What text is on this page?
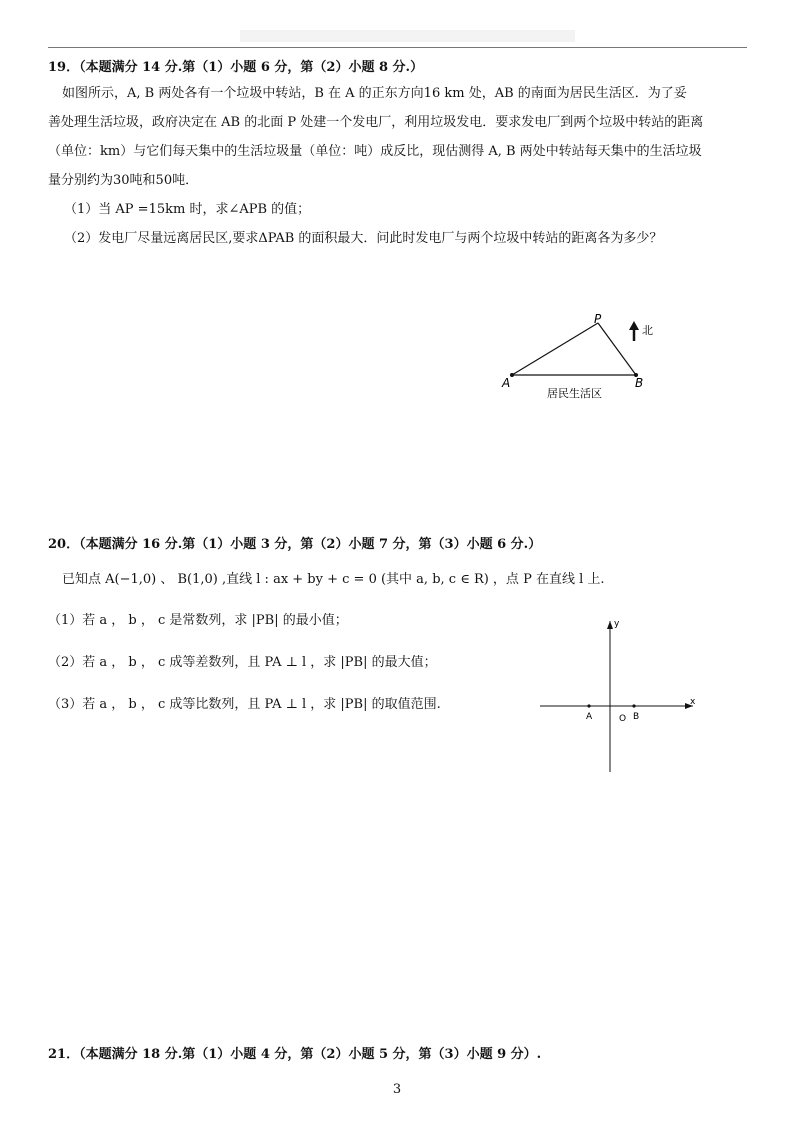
19．（本题满分 14 分.第（1）小题 6 分，第（2）小题 8 分.）
如图所示，A, B 两处各有一个垃圾中转站，B 在 A 的正东方向16 km 处，AB 的南面为居民生活区．为了妥
善处理生活垃圾，政府决定在 AB 的北面 P 处建一个发电厂，利用垃圾发电．要求发电厂到两个垃圾中转站的距离
（单位：km）与它们每天集中的生活垃圾量（单位：吨）成反比，现估测得 A, B 两处中转站每天集中的生活垃圾
量分别约为30吨和50吨．
（1）当 AP =15km 时，求∠APB 的值；
（2）发电厂尽量远离居民区,要求ΔPAB 的面积最大．问此时发电厂与两个垃圾中转站的距离各为多少？
P
A	B
北
居民生活区
20．（本题满分 16 分.第（1）小题 3 分，第（2）小题 7 分，第（3）小题 6 分.）
已知点 A(−1,0) 、 B(1,0) ,直线 l : ax + by + c = 0 (其中 a, b, c ∈ R) ，点 P 在直线 l 上.
（1）若 a ， b ， c 是常数列，求 |PB| 的最小值；
（2）若 a ， b ， c 成等差数列，且 PA ⊥ l ，求 |PB| 的最大值；
（3）若 a ， b ， c 成等比数列，且 PA ⊥ l ，求 |PB| 的取值范围.
y
x
A	O B
21．（本题满分 18 分.第（1）小题 4 分，第（2）小题 5 分，第（3）小题 9 分）.
3
